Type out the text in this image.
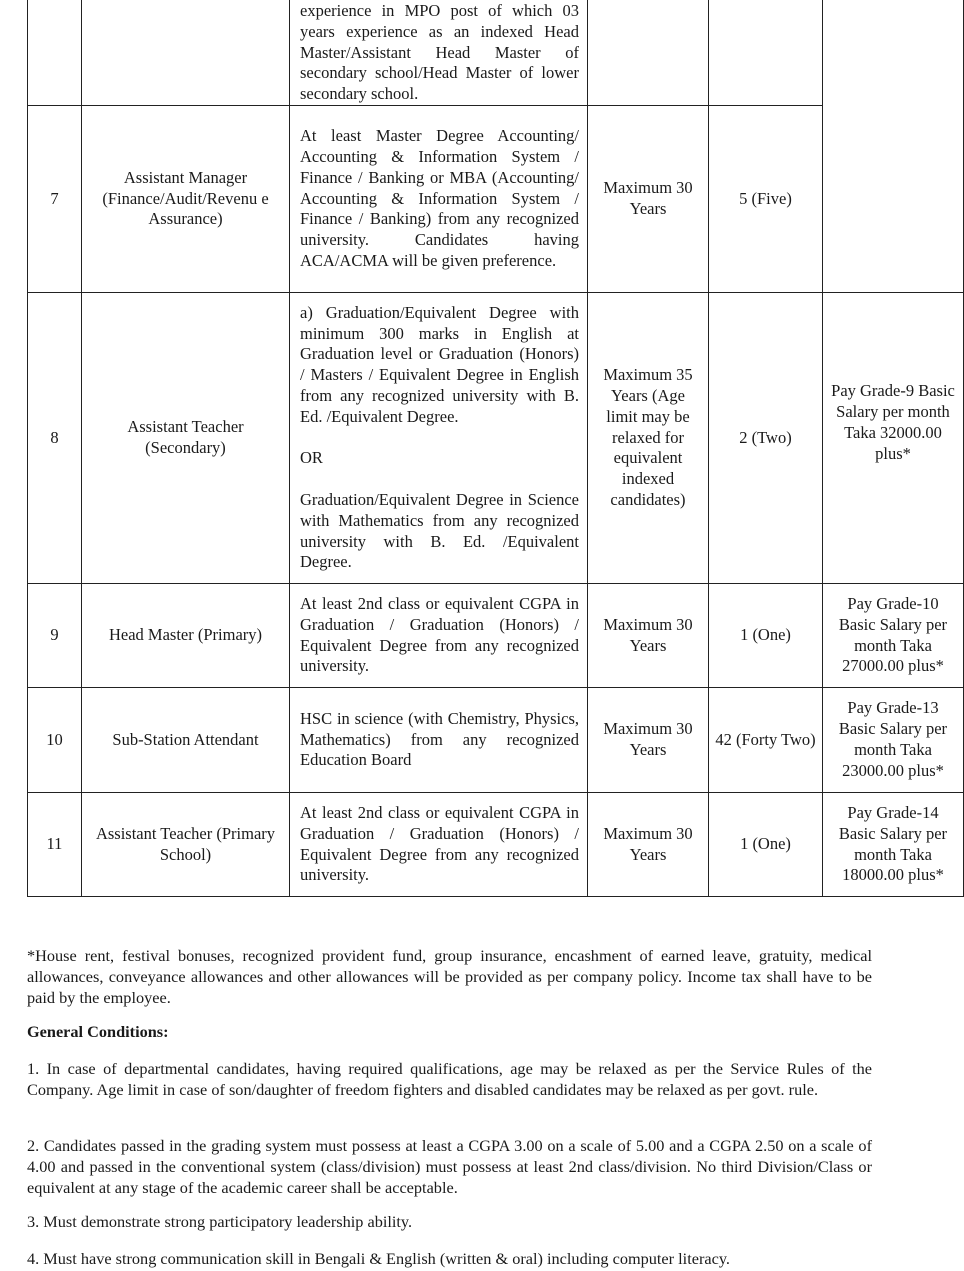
		experience in MPO post of which 03 years experience as an indexed Head Master/Assistant Head Master of secondary school/Head Master of lower secondary school.			

7	Assistant Manager (Finance/Audit/Revenu e Assurance)	At least Master Degree Accounting/ Accounting & Information System / Finance / Banking or MBA (Accounting/ Accounting & Information System / Finance / Banking) from any recognized university. Candidates having ACA/ACMA will be given preference.	Maximum 30 Years	5 (Five)	
8	Assistant Teacher (Secondary)	a) Graduation/Equivalent Degree with minimum 300 marks in English at Graduation level or Graduation (Honors) / Masters / Equivalent Degree in English from any recognized university with B. Ed. /Equivalent Degree.
OR
Graduation/Equivalent Degree in Science with Mathematics from any recognized university with B. Ed. /Equivalent Degree.	Maximum 35 Years (Age limit may be relaxed for equivalent indexed candidates)	2 (Two)	Pay Grade-9 Basic Salary per month Taka 32000.00 plus*
9	Head Master (Primary)	At least 2nd class or equivalent CGPA in Graduation / Graduation (Honors) / Equivalent Degree from any recognized university.	Maximum 30 Years	1 (One)	Pay Grade-10 Basic Salary per month Taka 27000.00 plus*
10	Sub-Station Attendant	HSC in science (with Chemistry, Physics, Mathematics) from any recognized Education Board	Maximum 30 Years	42 (Forty Two)	Pay Grade-13 Basic Salary per month Taka 23000.00 plus*
11	Assistant Teacher (Primary School)	At least 2nd class or equivalent CGPA in Graduation / Graduation (Honors) / Equivalent Degree from any recognized university.	Maximum 30 Years	1 (One)	Pay Grade-14 Basic Salary per month Taka 18000.00 plus*

*House rent, festival bonuses, recognized provident fund, group insurance, encashment of earned leave, gratuity, medical allowances, conveyance allowances and other allowances will be provided as per company policy. Income tax shall have to be paid by the employee.

General Conditions:

1. In case of departmental candidates, having required qualifications, age may be relaxed as per the Service Rules of the Company. Age limit in case of son/daughter of freedom fighters and disabled candidates may be relaxed as per govt. rule.

2. Candidates passed in the grading system must possess at least a CGPA 3.00 on a scale of 5.00 and a CGPA 2.50 on a scale of 4.00 and passed in the conventional system (class/division) must possess at least 2nd class/division. No third Division/Class or equivalent at any stage of the academic career shall be acceptable.

3. Must demonstrate strong participatory leadership ability.

4. Must have strong communication skill in Bengali & English (written & oral) including computer literacy.
